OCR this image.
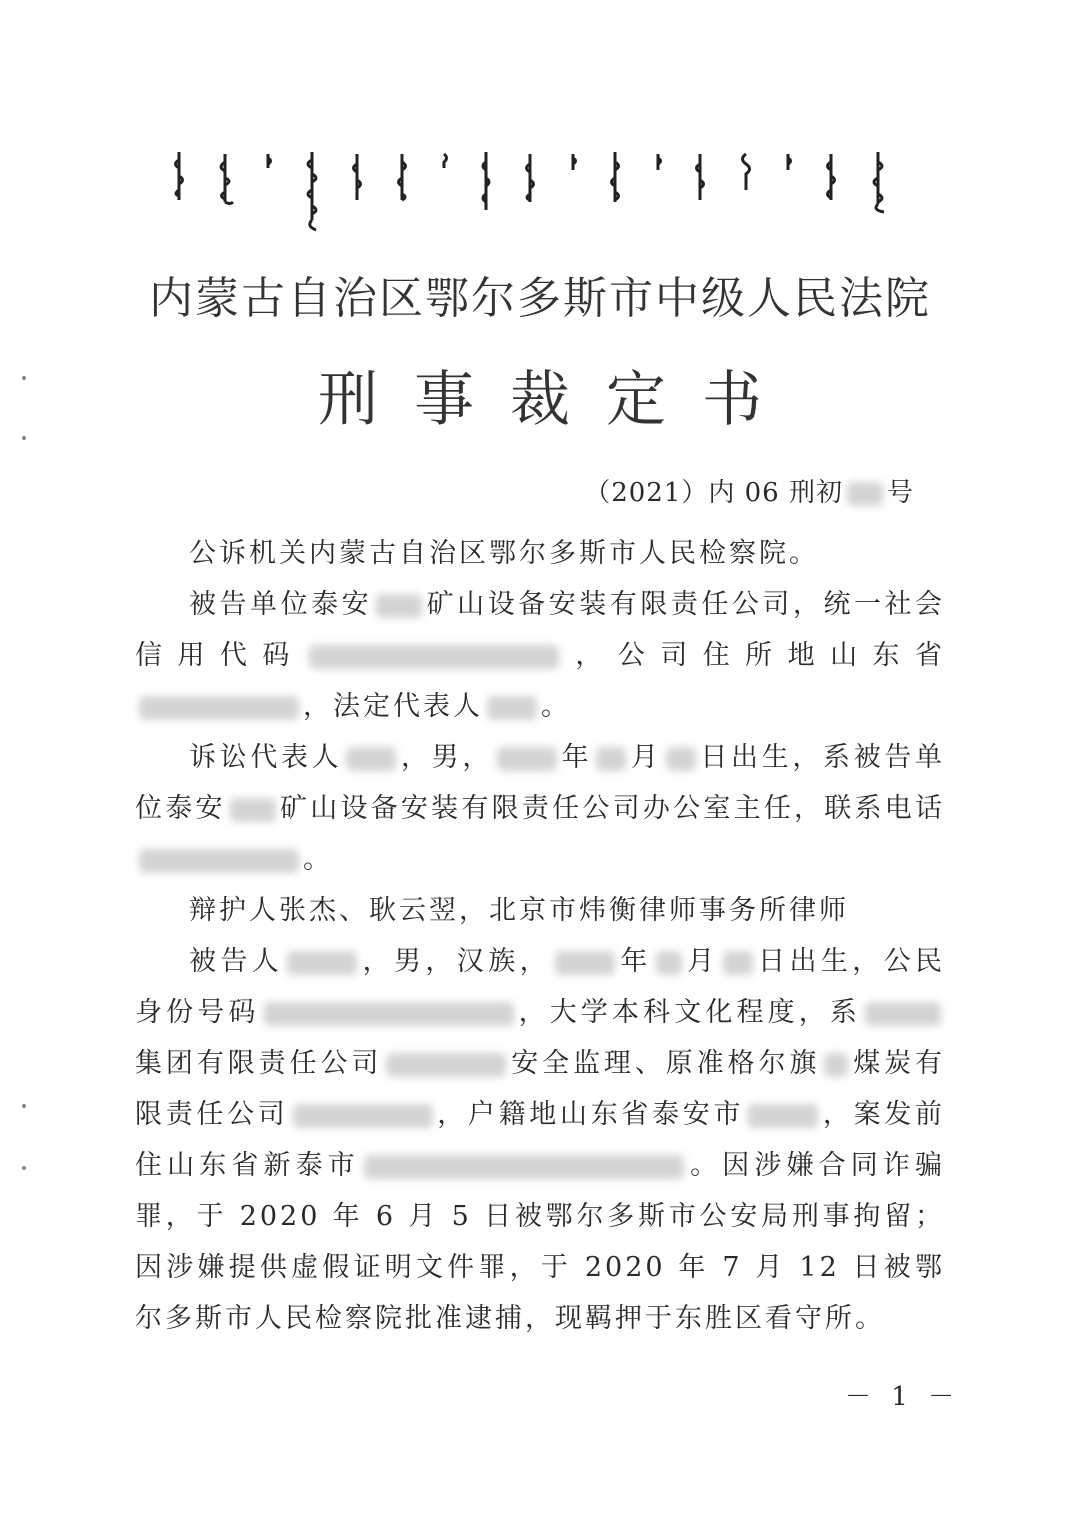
内蒙古自治区鄂尔多斯市中级人民法院
刑事裁定书
（2021）内 06 刑初 号

公诉机关内蒙古自治区鄂尔多斯市人民检察院。

被告单位泰安 矿山设备安装有限责任公司，统一社会信用代码	，公司住所地山东省，法定代表人 。

诉讼代表人 ，男，	年 月 日出生，系被告单位泰安 矿山设备安装有限责任公司办公室主任，联系电话。

辩护人张杰、耿云翌，北京市炜衡律师事务所律师

被告人	，男，汉族，	年 月 日出生，公民身份号码	，大学本科文化程度，系集团有限责任公司	安全监理、原准格尔旗 煤炭有限责任公司	，户籍地山东省泰安市	，案发前住山东省新泰市	。因涉嫌合同诈骗罪，于 2020 年 6 月 5 日被鄂尔多斯市公安局刑事拘留；因涉嫌提供虚假证明文件罪，于 2020 年 7 月 12 日被鄂尔多斯市人民检察院批准逮捕，现羁押于东胜区看守所。

－ 1 －
